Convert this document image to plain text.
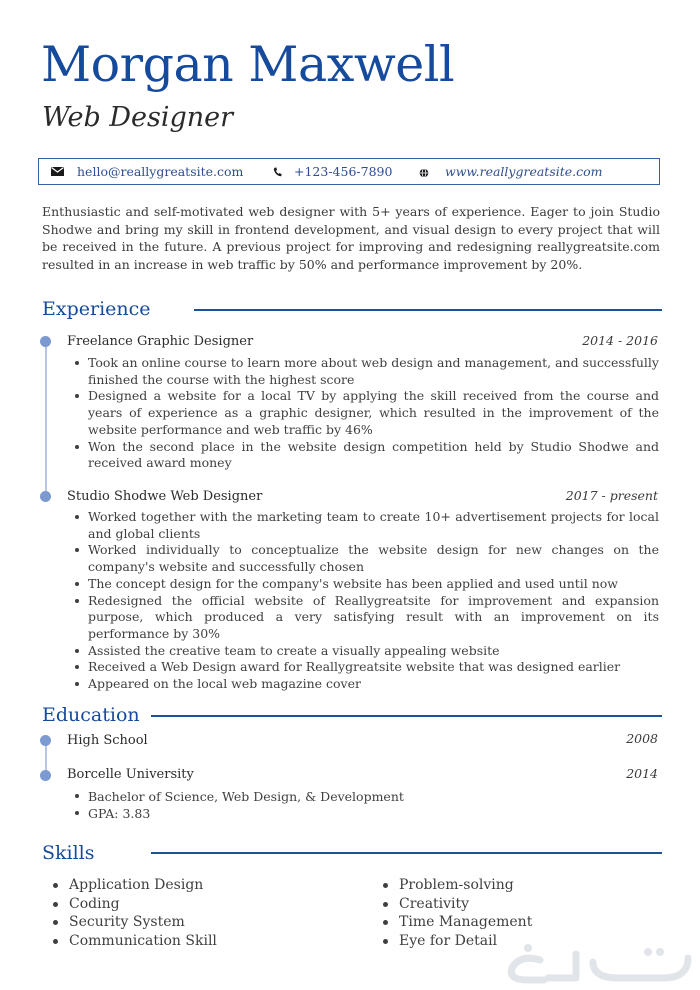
Morgan Maxwell
Web Designer
hello@reallygreatsite.com	+123-456-7890	www.reallygreatsite.com

Enthusiastic and self-motivated web designer with 5+ years of experience. Eager to join Studio Shodwe and bring my skill in frontend development, and visual design to every project that will be received in the future. A previous project for improving and redesigning reallygreatsite.com resulted in an increase in web traffic by 50% and performance improvement by 20%.

Experience
Freelance Graphic Designer	2014 - 2016
Took an online course to learn more about web design and management, and successfully finished the course with the highest score
Designed a website for a local TV by applying the skill received from the course and years of experience as a graphic designer, which resulted in the improvement of the website performance and web traffic by 46%
Won the second place in the website design competition held by Studio Shodwe and received award money
Studio Shodwe Web Designer	2017 - present
Worked together with the marketing team to create 10+ advertisement projects for local and global clients
Worked individually to conceptualize the website design for new changes on the company's website and successfully chosen
The concept design for the company's website has been applied and used until now
Redesigned the official website of Reallygreatsite for improvement and expansion purpose, which produced a very satisfying result with an improvement on its performance by 30%
Assisted the creative team to create a visually appealing website
Received a Web Design award for Reallygreatsite website that was designed earlier
Appeared on the local web magazine cover
Education
High School	2008
Borcelle University	2014
Bachelor of Science, Web Design, & Development
GPA: 3.83
Skills
Application Design
Coding
Security System
Communication Skill
Problem-solving
Creativity
Time Management
Eye for Detail
